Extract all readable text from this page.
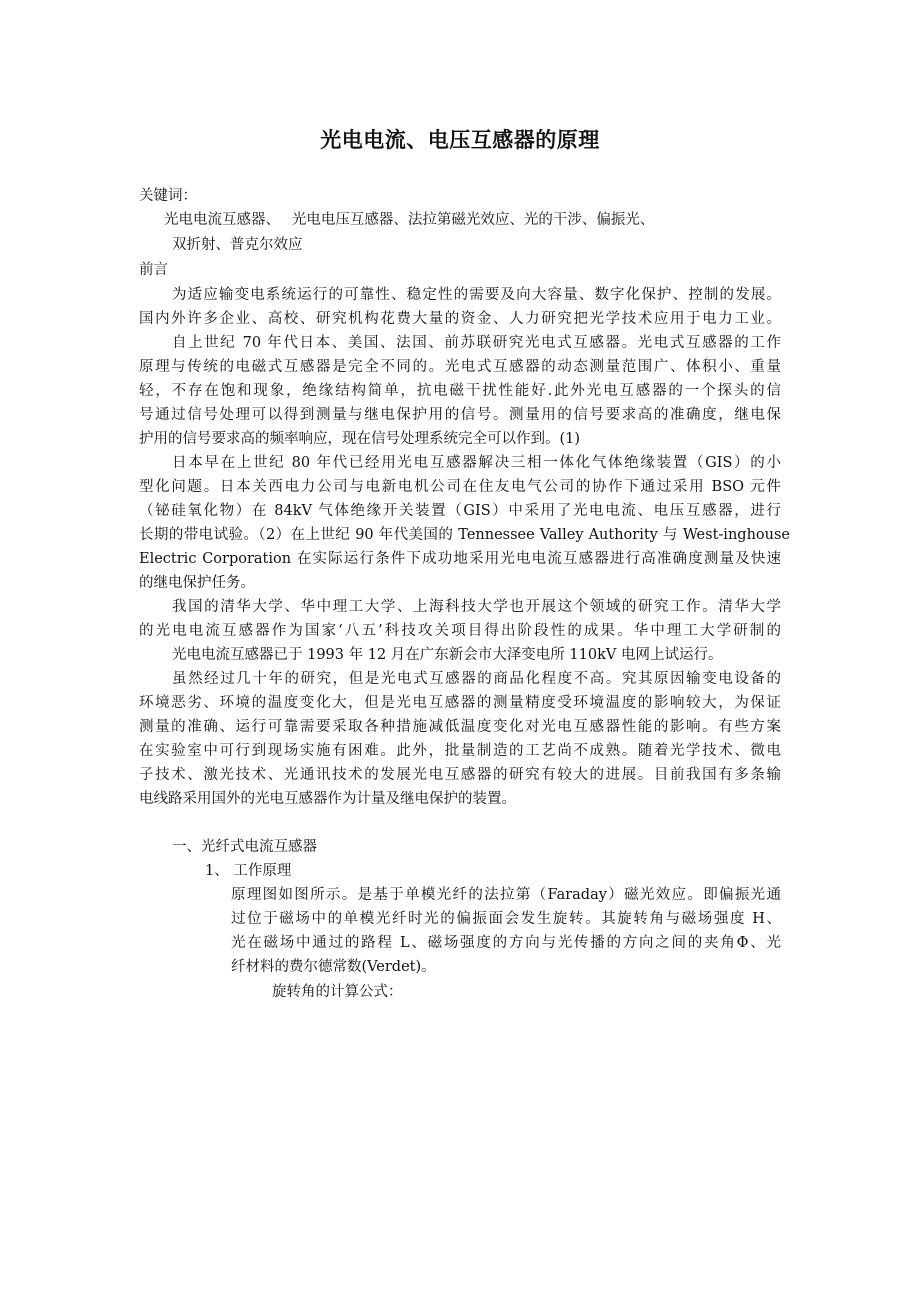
光电电流、电压互感器的原理
关键词：
光电电流互感器、　 光电电压互感器、法拉第磁光效应、光的干涉、偏振光、
双折射、普克尔效应
前言
为适应输变电系统运行的可靠性、稳定性的需要及向大容量、数字化保护、控制的发展。
国内外许多企业、高校、研究机构花费大量的资金、人力研究把光学技术应用于电力工业。
自上世纪 70 年代日本、美国、法国、前苏联研究光电式互感器。光电式互感器的工作
原理与传统的电磁式互感器是完全不同的。光电式互感器的动态测量范围广、体积小、重量
轻，不存在饱和现象，绝缘结构简单，抗电磁干扰性能好.此外光电互感器的一个探头的信
号通过信号处理可以得到测量与继电保护用的信号。测量用的信号要求高的准确度，继电保
护用的信号要求高的频率响应，现在信号处理系统完全可以作到。(1)
日本早在上世纪 80 年代已经用光电互感器解决三相一体化气体绝缘装置（GIS）的小
型化问题。日本关西电力公司与电新电机公司在住友电气公司的协作下通过采用 BSO 元件
（铋硅氧化物）在 84kV 气体绝缘开关装置（GIS）中采用了光电电流、电压互感器，进行
长期的带电试验。（2）在上世纪 90 年代美国的 Tennessee Valley Authority 与 West-inghouse
Electric Corporation 在实际运行条件下成功地采用光电电流互感器进行高准确度测量及快速
的继电保护任务。
我国的清华大学、华中理工大学、上海科技大学也开展这个领域的研究工作。清华大学
的光电电流互感器作为国家‘八五’科技攻关项目得出阶段性的成果。华中理工大学研制的
光电电流互感器已于 1993 年 12 月在广东新会市大泽变电所 110kV 电网上试运行。
虽然经过几十年的研究，但是光电式互感器的商品化程度不高。究其原因输变电设备的
环境恶劣、环境的温度变化大，但是光电互感器的测量精度受环境温度的影响较大，为保证
测量的准确、运行可靠需要采取各种措施减低温度变化对光电互感器性能的影响。有些方案
在实验室中可行到现场实施有困难。此外，批量制造的工艺尚不成熟。随着光学技术、微电
子技术、激光技术、光通讯技术的发展光电互感器的研究有较大的进展。目前我国有多条输
电线路采用国外的光电互感器作为计量及继电保护的装置。
一、光纤式电流互感器
1、 工作原理
原理图如图所示。是基于单模光纤的法拉第（Faraday）磁光效应。即偏振光通
过位于磁场中的单模光纤时光的偏振面会发生旋转。其旋转角与磁场强度 H、
光在磁场中通过的路程 L、磁场强度的方向与光传播的方向之间的夹角Φ、光
纤材料的费尔德常数(Verdet)。
旋转角的计算公式：
